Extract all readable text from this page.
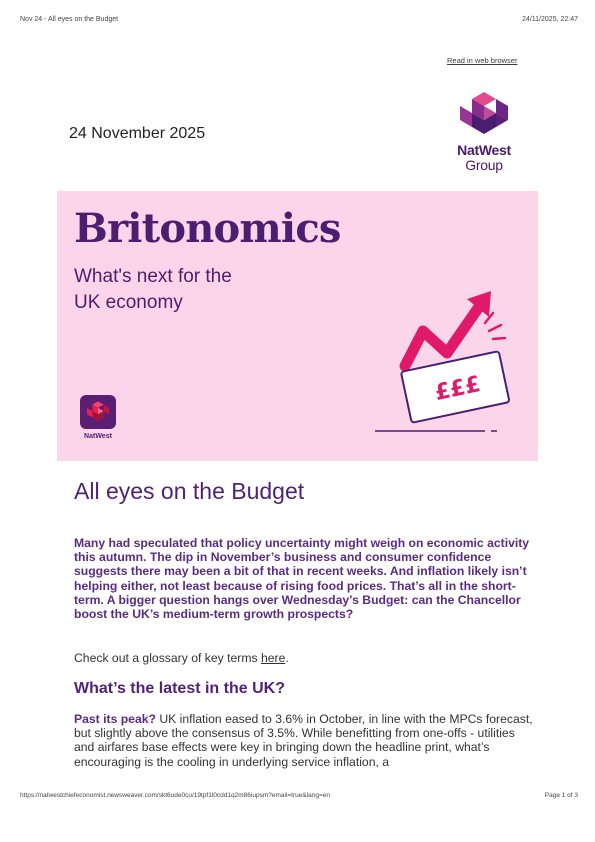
Nov 24 - All eyes on the Budget	24/11/2025, 22:47
Read in web browser
24 November 2025
NatWest
Group
Britonomics
What's next for the
UK economy
NatWest
£££
All eyes on the Budget

Many had speculated that policy uncertainty might weigh on economic activity this autumn. The dip in November’s business and consumer confidence suggests there may been a bit of that in recent weeks. And inflation likely isn’t helping either, not least because of rising food prices. That’s all in the short-term. A bigger question hangs over Wednesday’s Budget: can the Chancellor boost the UK’s medium-term growth prospects?

Check out a glossary of key terms here.

What’s the latest in the UK?

Past its peak? UK inflation eased to 3.6% in October, in line with the MPCs forecast, but slightly above the consensus of 3.5%. While benefitting from one-offs - utilities and airfares base effects were key in bringing down the headline print, what’s encouraging is the cooling in underlying service inflation, a

https://natwestchiefeconomist.newsweaver.com/skt6ude0cu/19tpf1l0cdd1q2m86iupsm?email=true&lang=en	Page 1 of 3
